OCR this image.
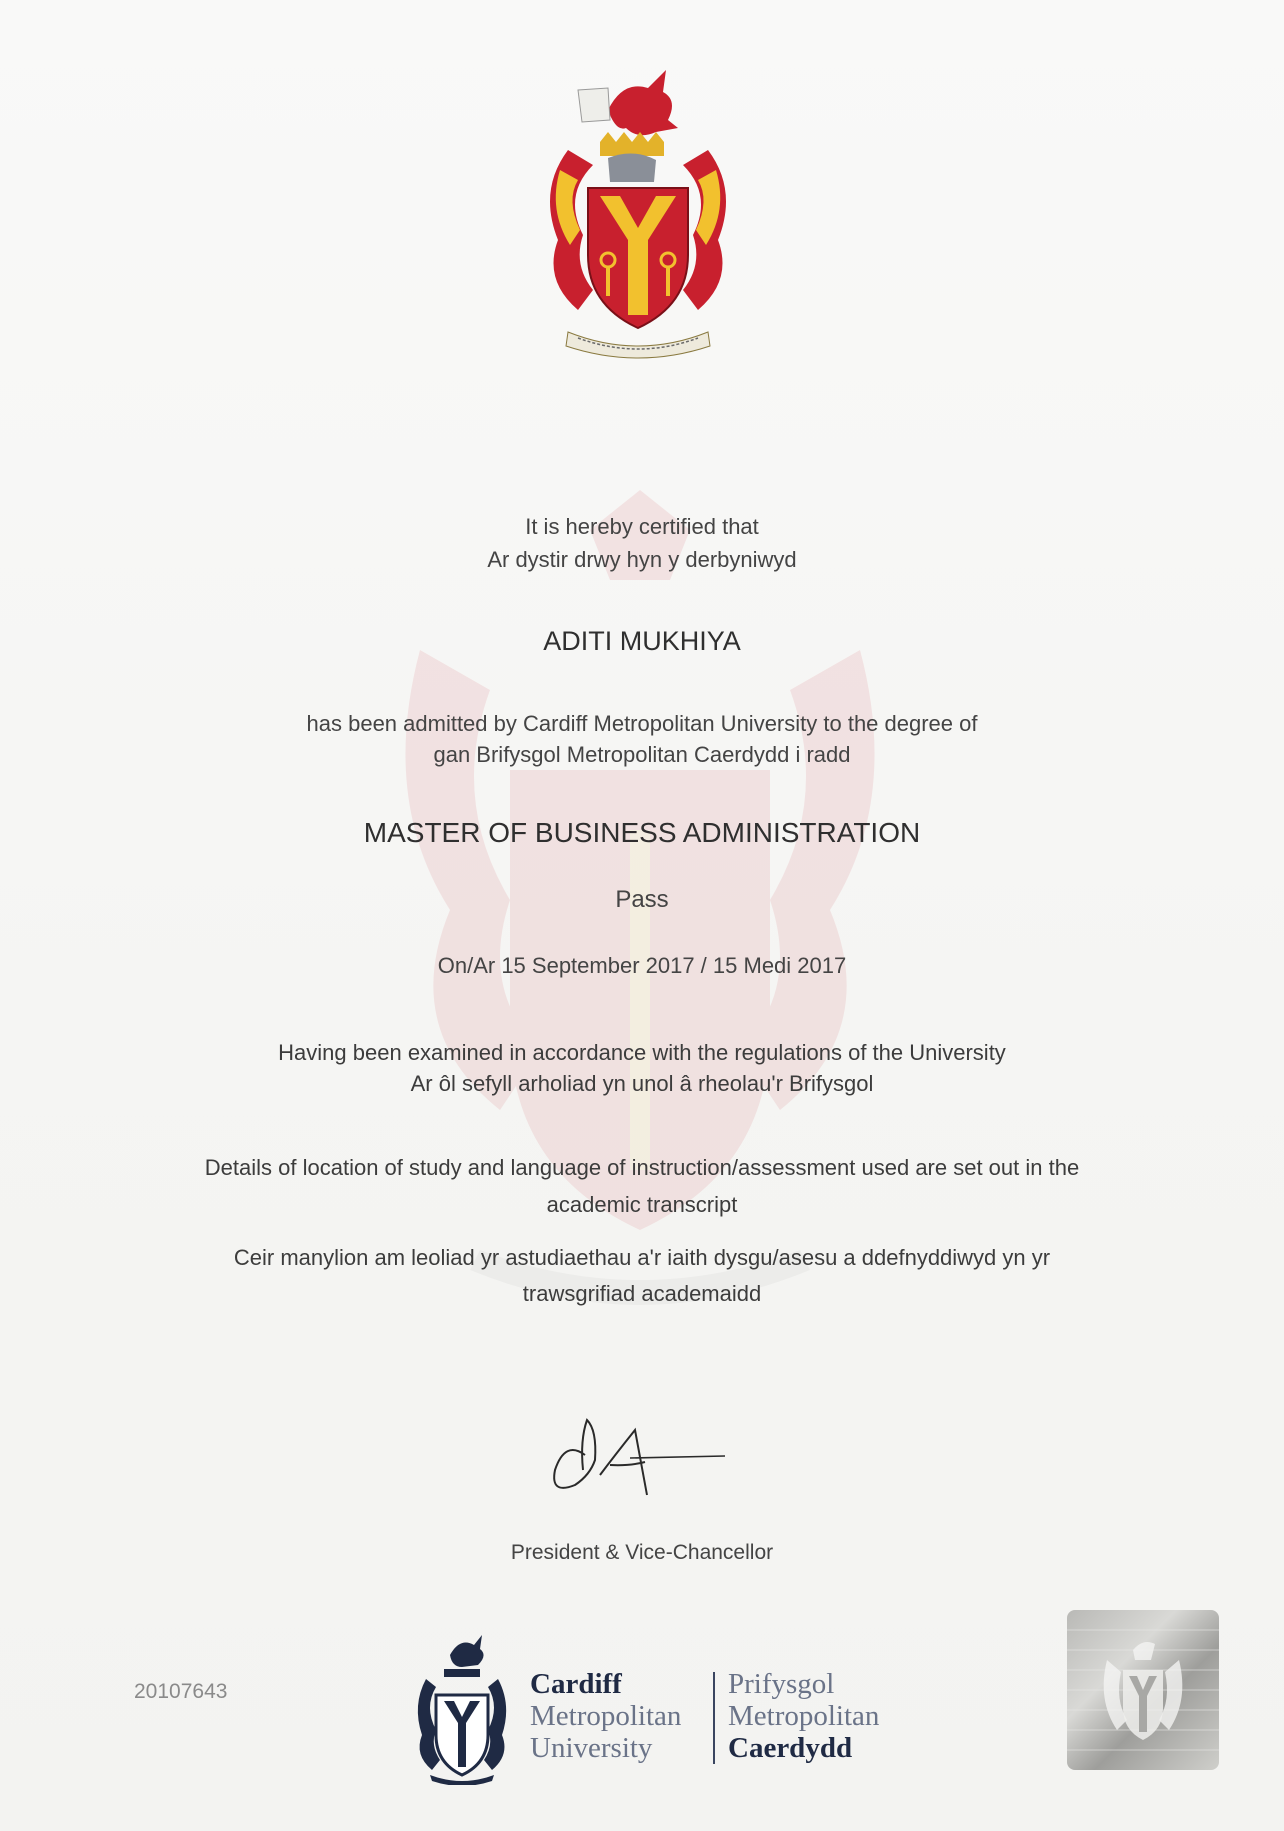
It is hereby certified that
Ar dystir drwy hyn y derbyniwyd
ADITI MUKHIYA
has been admitted by Cardiff Metropolitan University to the degree of
gan Brifysgol Metropolitan Caerdydd i radd
MASTER OF BUSINESS ADMINISTRATION
Pass
On/Ar 15 September 2017 / 15 Medi 2017
Having been examined in accordance with the regulations of the University
Ar ôl sefyll arholiad yn unol â rheolau'r Brifysgol
Details of location of study and language of instruction/assessment used are set out in the
academic transcript
Ceir manylion am leoliad yr astudiaethau a'r iaith dysgu/asesu a ddefnyddiwyd yn yr
trawsgrifiad academaidd
President & Vice-Chancellor
20107643	Cardiff
Metropolitan
University
Prifysgol
Metropolitan
Caerdydd
